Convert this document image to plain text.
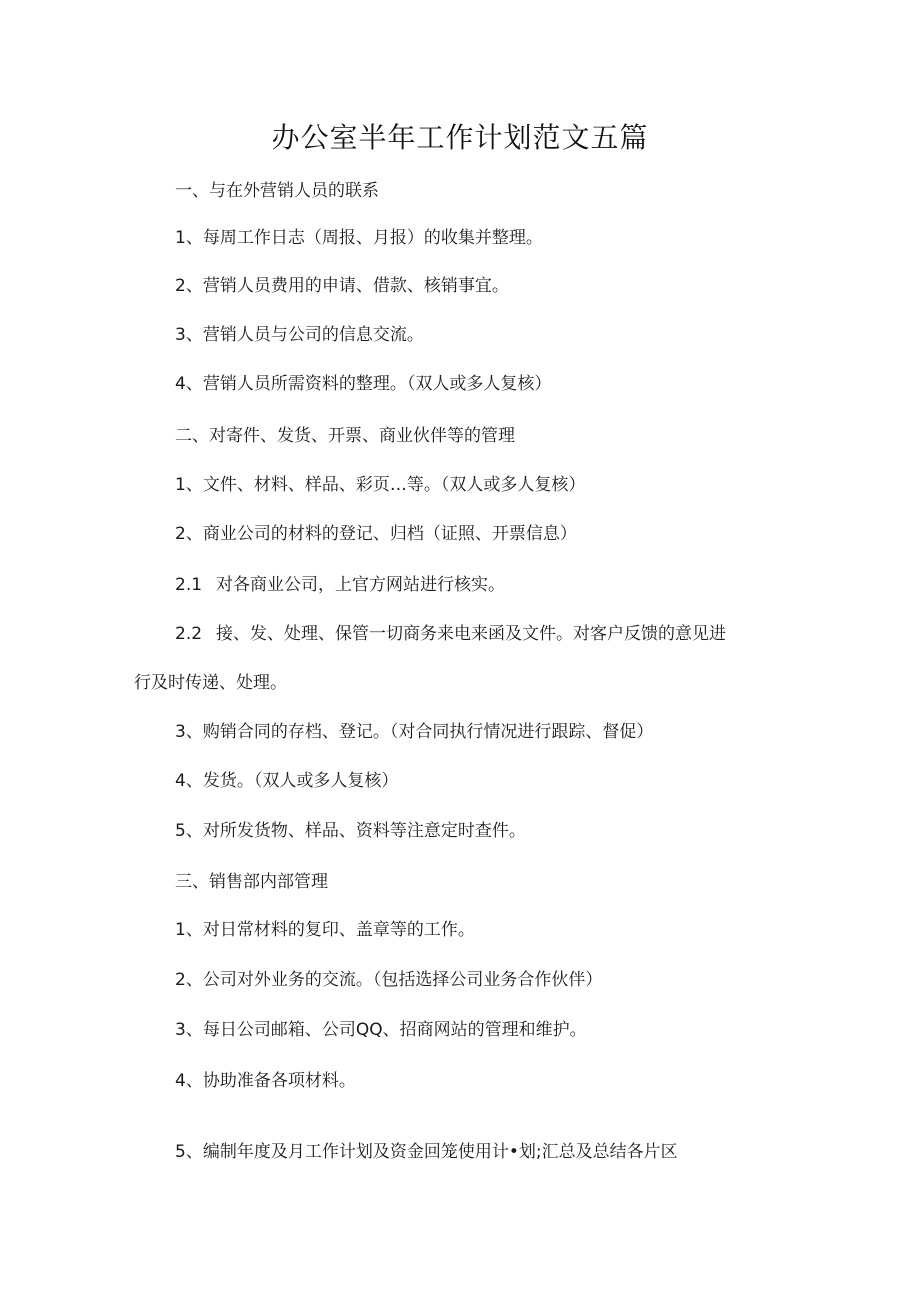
办公室半年工作计划范文五篇
一、与在外营销人员的联系
1、每周工作日志（周报、月报）的收集并整理。
2、营销人员费用的申请、借款、核销事宜。
3、营销人员与公司的信息交流。
4、营销人员所需资料的整理。（双人或多人复核）
二、对寄件、发货、开票、商业伙伴等的管理
1、文件、材料、样品、彩页…等。（双人或多人复核）
2、商业公司的材料的登记、归档（证照、开票信息）
2.1 对各商业公司，上官方网站进行核实。
2.2 接、发、处理、保管一切商务来电来函及文件。对客户反馈的意见进
行及时传递、处理。
3、购销合同的存档、登记。（对合同执行情况进行跟踪、督促）
4、发货。（双人或多人复核）
5、对所发货物、样品、资料等注意定时查件。
三、销售部内部管理
1、对日常材料的复印、盖章等的工作。
2、公司对外业务的交流。（包括选择公司业务合作伙伴）
3、每日公司邮箱、公司QQ、招商网站的管理和维护。
4、协助准备各项材料。
5、编制年度及月工作计划及资金回笼使用计•划;汇总及总结各片区
